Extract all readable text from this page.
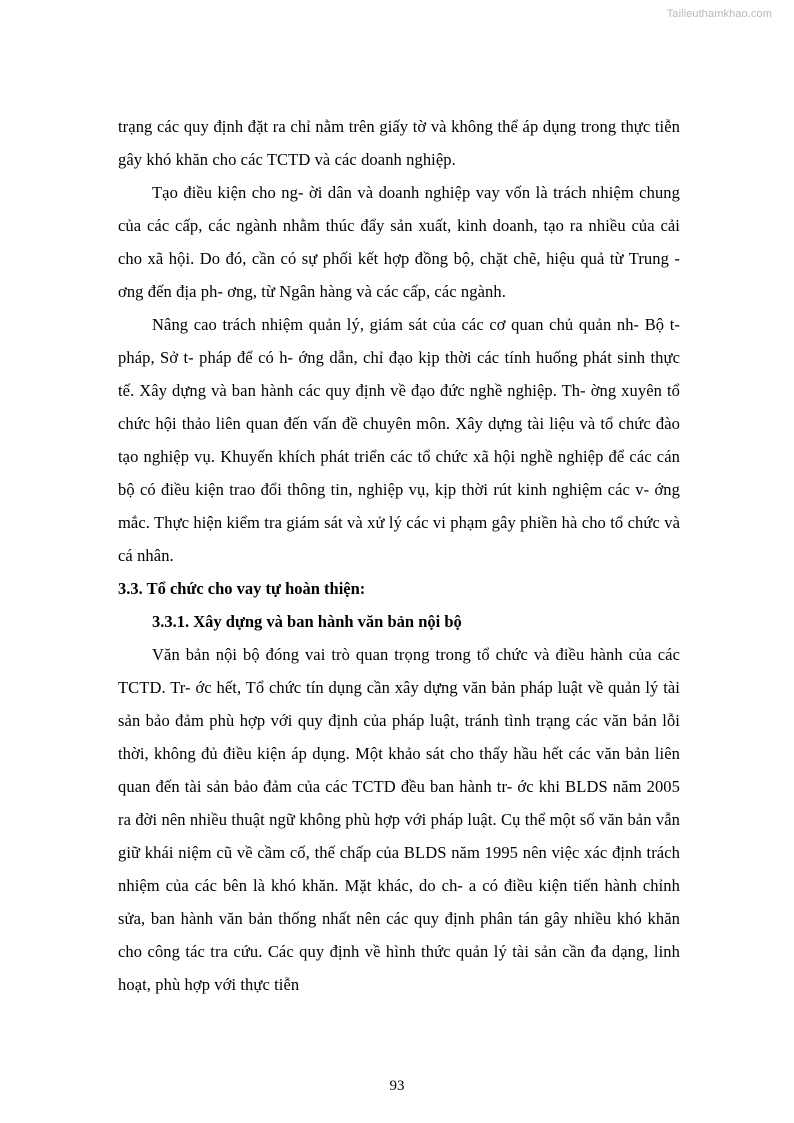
Tailieuthamkhao.com

trạng các quy định đặt ra chỉ nằm trên giấy tờ và không thể áp dụng trong thực tiễn gây khó khăn cho các TCTD và các doanh nghiệp.

Tạo điều kiện cho ng- ời dân và doanh nghiệp vay vốn là trách nhiệm chung của các cấp, các ngành nhằm thúc đẩy sản xuất, kinh doanh, tạo ra nhiều của cải cho xã hội. Do đó, cần có sự phối kết hợp đồng bộ, chặt chẽ, hiệu quả từ Trung - ơng đến địa ph- ơng, từ Ngân hàng và các cấp, các ngành.

Nâng cao trách nhiệm quản lý, giám sát của các cơ quan chủ quản nh- Bộ t- pháp, Sở t- pháp để có h- ớng dẫn, chỉ đạo kịp thời các tính huống phát sinh thực tế. Xây dựng và ban hành các quy định về đạo đức nghề nghiệp. Th- ờng xuyên tổ chức hội thảo liên quan đến vấn đề chuyên môn. Xây dựng tài liệu và tổ chức đào tạo nghiệp vụ. Khuyến khích phát triển các tổ chức xã hội nghề nghiệp để các cán bộ có điều kiện trao đổi thông tin, nghiệp vụ, kịp thời rút kinh nghiệm các v- ớng mắc. Thực hiện kiểm tra giám sát và xử lý các vi phạm gây phiền hà cho tổ chức và cá nhân.

3.3. Tổ chức cho vay tự hoàn thiện:
3.3.1. Xây dựng và ban hành văn bản nội bộ

Văn bản nội bộ đóng vai trò quan trọng trong tổ chức và điều hành của các TCTD. Tr- ớc hết, Tổ chức tín dụng cần xây dựng văn bản pháp luật về quản lý tài sản bảo đảm phù hợp với quy định của pháp luật, tránh tình trạng các văn bản lỗi thời, không đủ điều kiện áp dụng. Một khảo sát cho thấy hầu hết các văn bản liên quan đến tài sản bảo đảm của các TCTD đều ban hành tr- ớc khi BLDS năm 2005 ra đời nên nhiều thuật ngữ không phù hợp với pháp luật. Cụ thể một số văn bản vẫn giữ khái niệm cũ về cầm cố, thế chấp của BLDS năm 1995 nên việc xác định trách nhiệm của các bên là khó khăn. Mặt khác, do ch- a có điều kiện tiến hành chỉnh sửa, ban hành văn bản thống nhất nên các quy định phân tán gây nhiều khó khăn cho công tác tra cứu. Các quy định về hình thức quản lý tài sản cần đa dạng, linh hoạt, phù hợp với thực tiễn

93
